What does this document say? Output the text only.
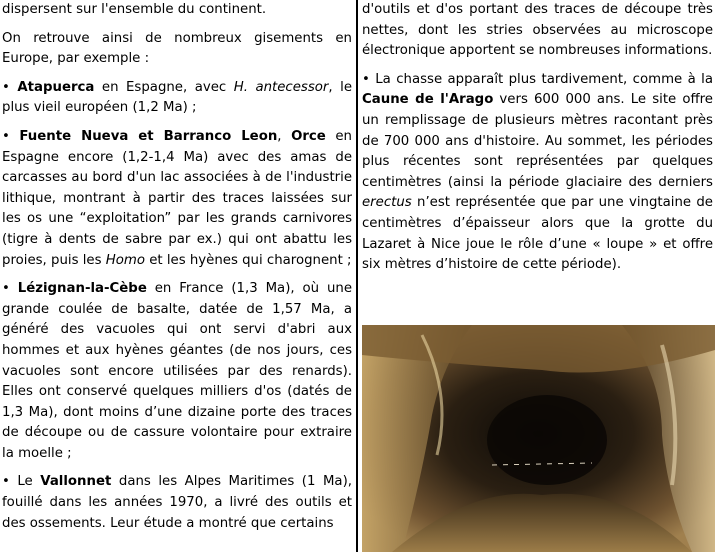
dispersent sur l'ensemble du continent.

On retrouve ainsi de nombreux gisements en Europe, par exemple :

• Atapuerca en Espagne, avec H. antecessor, le plus vieil européen (1,2 Ma) ;

• Fuente Nueva et Barranco Leon, Orce en Espagne encore (1,2-1,4 Ma) avec des amas de carcasses au bord d'un lac associées à de l'industrie lithique, montrant à partir des traces laissées sur les os une “exploitation” par les grands carnivores (tigre à dents de sabre par ex.) qui ont abattu les proies, puis les Homo et les hyènes qui charognent ;

• Lézignan-la-Cèbe en France (1,3 Ma), où une grande coulée de basalte, datée de 1,57 Ma, a généré des vacuoles qui ont servi d'abri aux hommes et aux hyènes géantes (de nos jours, ces vacuoles sont encore utilisées par des renards). Elles ont conservé quelques milliers d'os (datés de 1,3 Ma), dont moins d’une dizaine porte des traces de découpe ou de cassure volontaire pour extraire la moelle ;

• Le Vallonnet dans les Alpes Maritimes (1 Ma), fouillé dans les années 1970, a livré des outils et des ossements. Leur étude a montré que certains

d'outils et d'os portant des traces de découpe très nettes, dont les stries observées au microscope électronique apportent se nombreuses informations.

• La chasse apparaît plus tardivement, comme à la Caune de l'Arago vers 600 000 ans. Le site offre un remplissage de plusieurs mètres racontant près de 700 000 ans d'histoire. Au sommet, les périodes plus récentes sont représentées par quelques centimètres (ainsi la période glaciaire des derniers erectus n’est représentée que par une vingtaine de centimètres d’épaisseur alors que la grotte du Lazaret à Nice joue le rôle d’une « loupe » et offre six mètres d’histoire de cette période).
